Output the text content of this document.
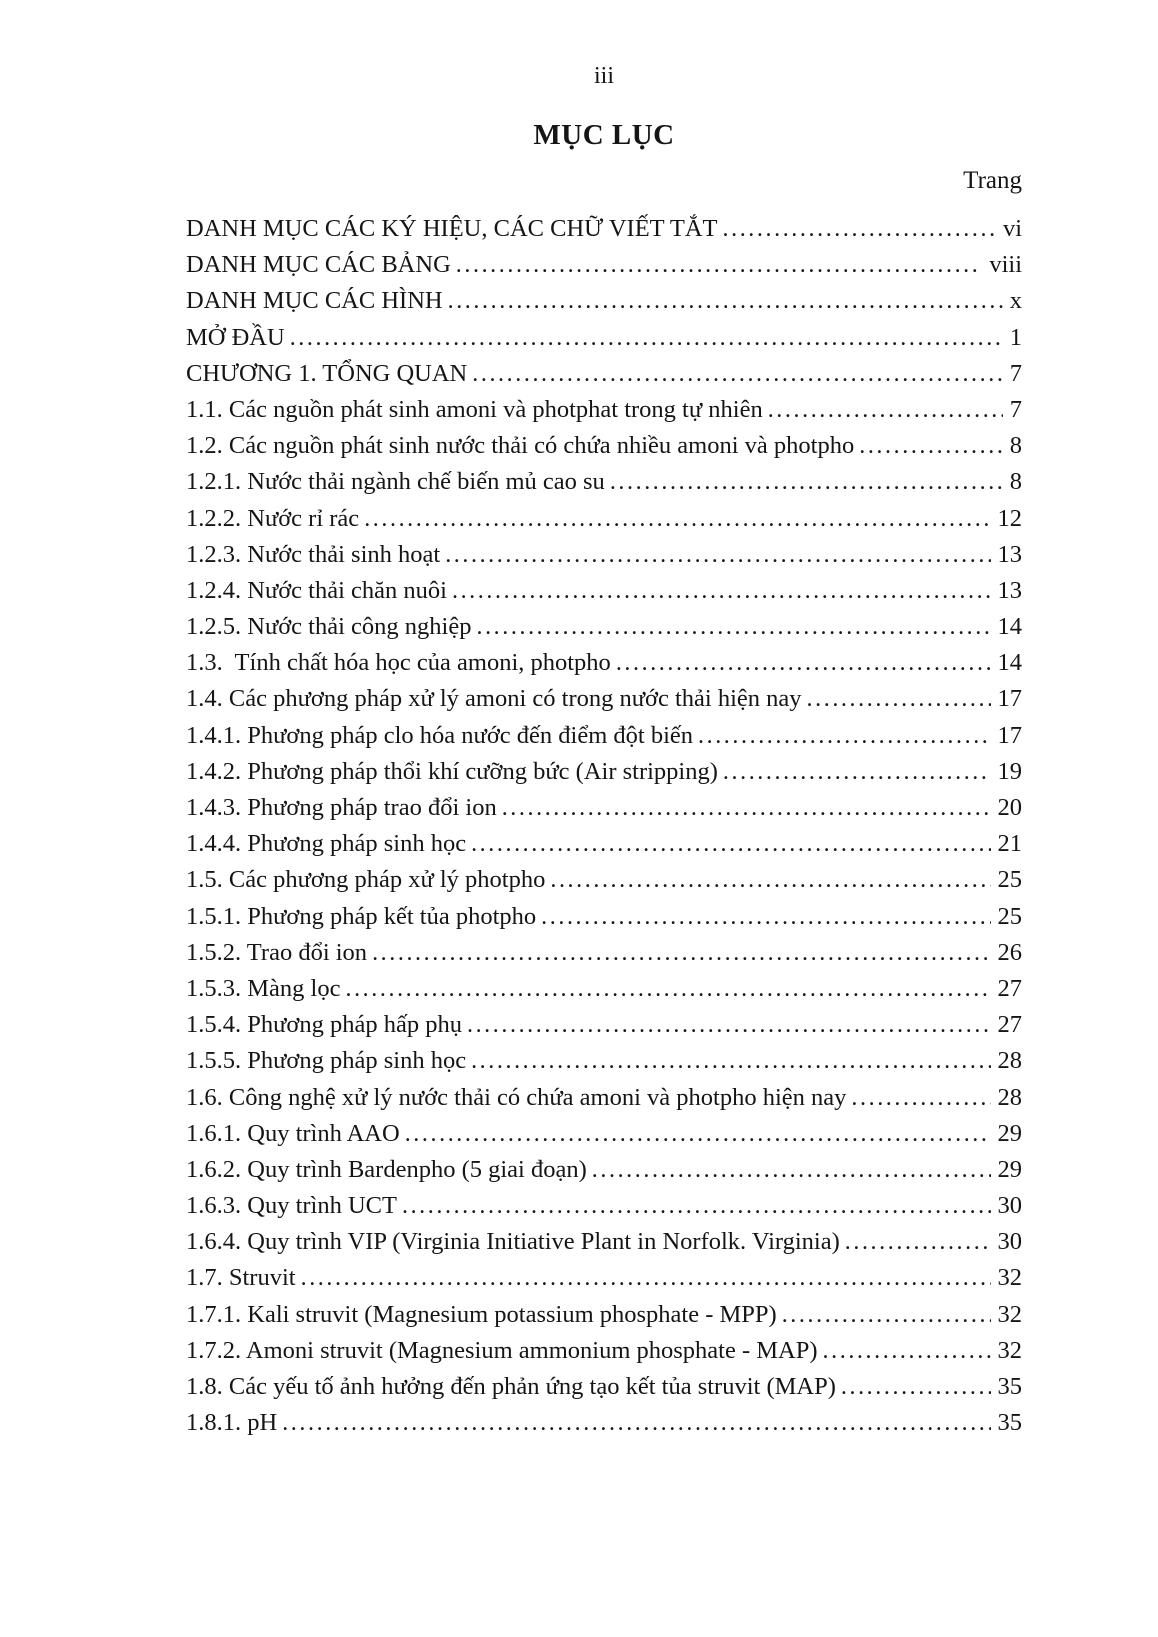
iii
MỤC LỤC
Trang
DANH MỤC CÁC KÝ HIỆU, CÁC CHỮ VIẾT TẮT .....	vi
DANH MỤC CÁC BẢNG .....	viii
DANH MỤC CÁC HÌNH .....	x
MỞ ĐẦU .....	1
CHƯƠNG 1. TỔNG QUAN .....	7
1.1. Các nguồn phát sinh amoni và photphat trong tự nhiên .....	7
1.2. Các nguồn phát sinh nước thải có chứa nhiều amoni và photpho .....	8
1.2.1. Nước thải ngành chế biến mủ cao su .....	8
1.2.2. Nước rỉ rác .....	12
1.2.3. Nước thải sinh hoạt .....	13
1.2.4. Nước thải chăn nuôi .....	13
1.2.5. Nước thải công nghiệp .....	14
1.3.  Tính chất hóa học của amoni, photpho .....	14
1.4. Các phương pháp xử lý amoni có trong nước thải hiện nay .....	17
1.4.1. Phương pháp clo hóa nước đến điểm đột biến .....	17
1.4.2. Phương pháp thổi khí cưỡng bức (Air stripping) .....	19
1.4.3. Phương pháp trao đổi ion .....	20
1.4.4. Phương pháp sinh học .....	21
1.5. Các phương pháp xử lý photpho .....	25
1.5.1. Phương pháp kết tủa photpho .....	25
1.5.2. Trao đổi ion .....	26
1.5.3. Màng lọc .....	27
1.5.4. Phương pháp hấp phụ .....	27
1.5.5. Phương pháp sinh học .....	28
1.6. Công nghệ xử lý nước thải có chứa amoni và photpho hiện nay .....	28
1.6.1. Quy trình AAO .....	29
1.6.2. Quy trình Bardenpho (5 giai đoạn) .....	29
1.6.3. Quy trình UCT .....	30
1.6.4. Quy trình VIP (Virginia Initiative Plant in Norfolk. Virginia) .....	30
1.7. Struvit .....	32
1.7.1. Kali struvit (Magnesium potassium phosphate - MPP) .....	32
1.7.2. Amoni struvit (Magnesium ammonium phosphate - MAP) .....	32
1.8. Các yếu tố ảnh hưởng đến phản ứng tạo kết tủa struvit (MAP) .....	35
1.8.1. pH .....	35
